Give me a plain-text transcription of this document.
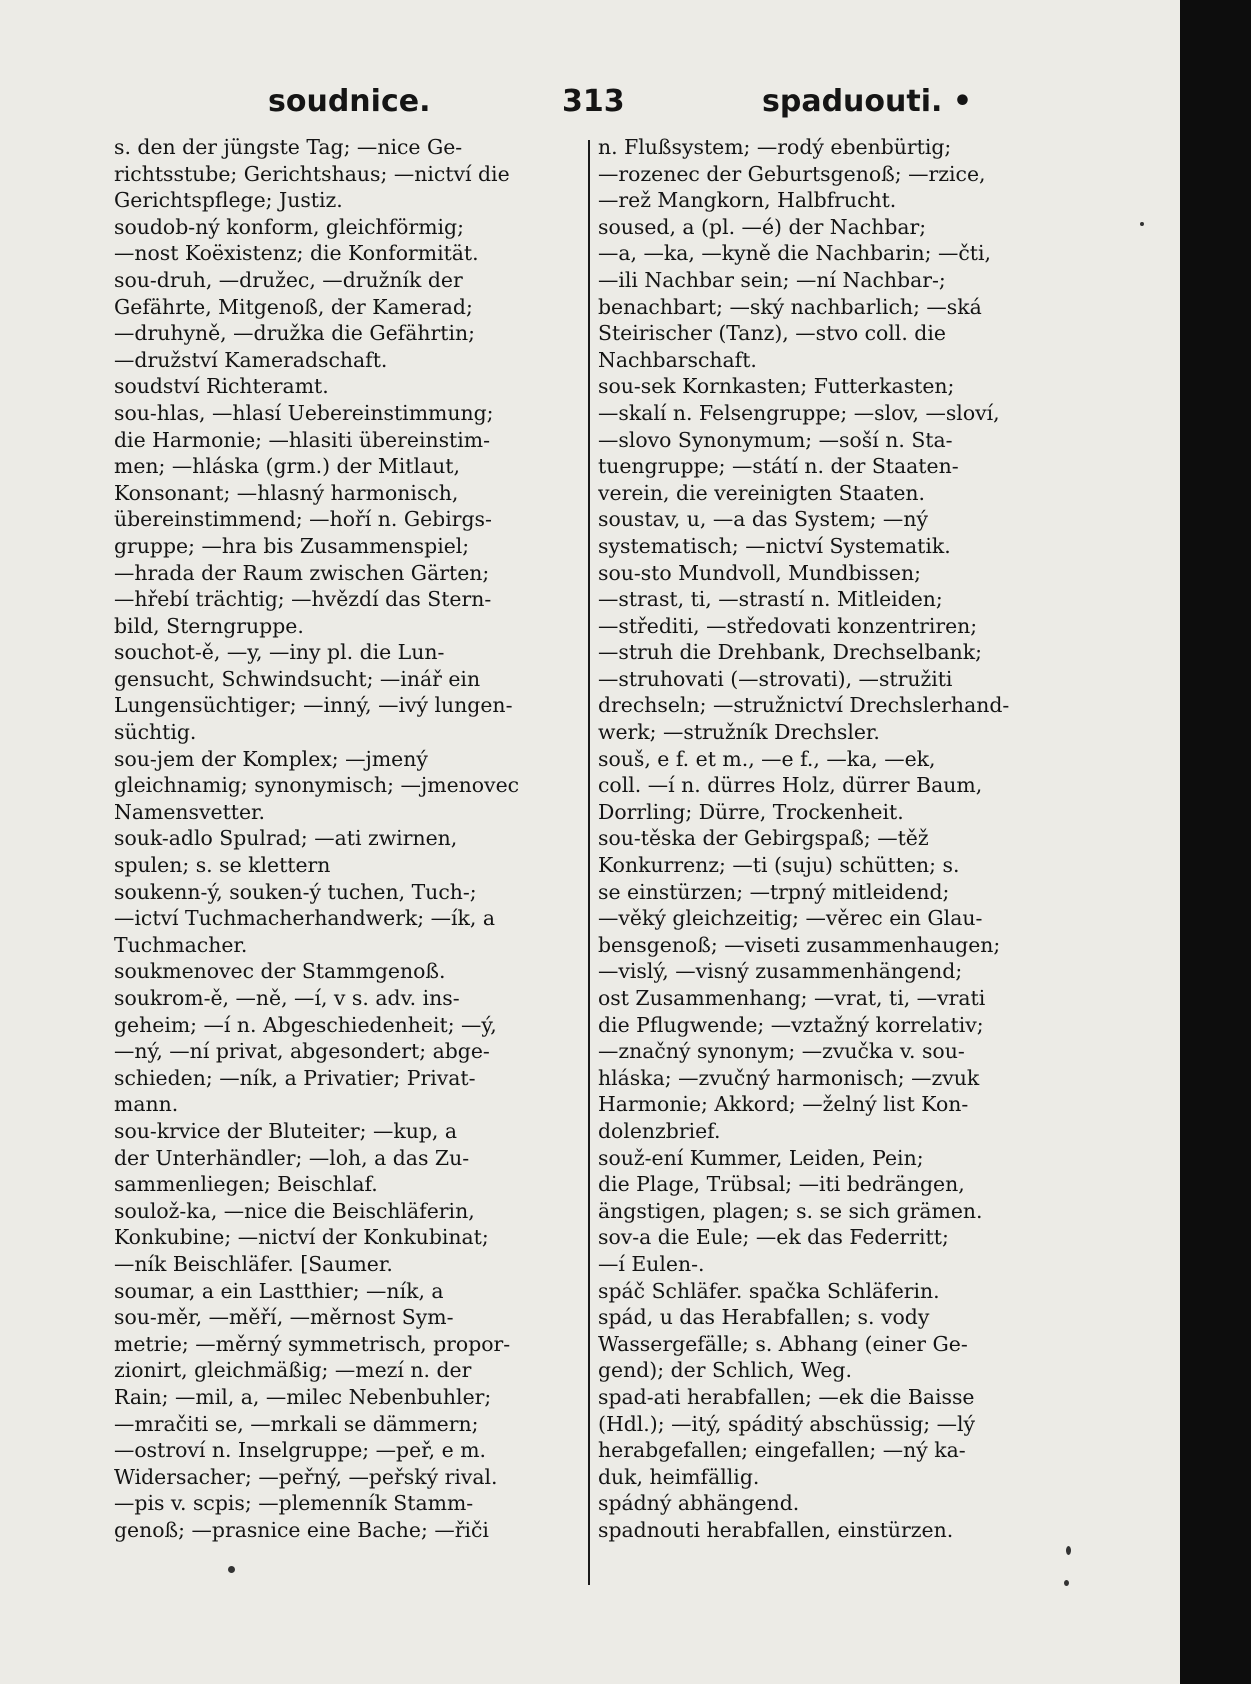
soudnice.	313	spaduouti. •
s. den der jüngste Tag; —nice Ge-
richtsstube; Gerichtshaus; —nictví die
Gerichtspflege; Justiz.
soudob-ný konform, gleichförmig;
—nost Koëxistenz; die Konformität.
sou-druh, —družec, —družník der
Gefährte, Mitgenoß, der Kamerad;
—druhyně, —družka die Gefährtin;
—družství Kameradschaft.
soudství Richteramt.
sou-hlas, —hlasí Uebereinstimmung;
die Harmonie; —hlasiti übereinstim-
men; —hláska (grm.) der Mitlaut,
Konsonant; —hlasný harmonisch,
übereinstimmend; —hoří n. Gebirgs-
gruppe; —hra bis Zusammenspiel;
—hrada der Raum zwischen Gärten;
—hřebí trächtig; —hvězdí das Stern-
bild, Sterngruppe.
souchot-ě, —y, —iny pl. die Lun-
gensucht, Schwindsucht; —inář ein
Lungensüchtiger; —inný, —ivý lungen-
süchtig.
sou-jem der Komplex; —jmený
gleichnamig; synonymisch; —jmenovec
Namensvetter.
souk-adlo Spulrad; —ati zwirnen,
spulen; s. se klettern
soukenn-ý, souken-ý tuchen, Tuch-;
—ictví Tuchmacherhandwerk; —ík, a
Tuchmacher.
soukmenovec der Stammgenoß.
soukrom-ě, —ně, —í, v s. adv. ins-
geheim; —í n. Abgeschiedenheit; —ý,
—ný, —ní privat, abgesondert; abge-
schieden; —ník, a Privatier; Privat-
mann.
sou-krvice der Bluteiter; —kup, a
der Unterhändler; —loh, a das Zu-
sammenliegen; Beischlaf.
soulož-ka, —nice die Beischläferin,
Konkubine; —nictví der Konkubinat;
—ník Beischläfer. [Saumer.
soumar, a ein Lastthier; —ník, a
sou-měr, —měří, —měrnost Sym-
metrie; —měrný symmetrisch, propor-
zionirt, gleichmäßig; —mezí n. der
Rain; —mil, a, —milec Nebenbuhler;
—mračiti se, —mrkali se dämmern;
—ostroví n. Inselgruppe; —peř, e m.
Widersacher; —peřný, —peřský rival.
—pis v. scpis; —plemenník Stamm-
genoß; —prasnice eine Bache; —řiči
n. Flußsystem; —rodý ebenbürtig;
—rozenec der Geburtsgenoß; —rzice,
—rež Mangkorn, Halbfrucht.
soused, a (pl. —é) der Nachbar;
—a, —ka, —kyně die Nachbarin; —čti,
—ili Nachbar sein; —ní Nachbar-;
benachbart; —ský nachbarlich; —ská
Steirischer (Tanz), —stvo coll. die
Nachbarschaft.
sou-sek Kornkasten; Futterkasten;
—skalí n. Felsengruppe; —slov, —sloví,
—slovo Synonymum; —soší n. Sta-
tuengruppe; —státí n. der Staaten-
verein, die vereinigten Staaten.
soustav, u, —a das System; —ný
systematisch; —nictví Systematik.
sou-sto Mundvoll, Mundbissen;
—strast, ti, —strastí n. Mitleiden;
—střediti, —středovati konzentriren;
—struh die Drehbank, Drechselbank;
—struhovati (—strovati), —stružiti
drechseln; —stružnictví Drechslerhand-
werk; —stružník Drechsler.
souš, e f. et m., —e f., —ka, —ek,
coll. —í n. dürres Holz, dürrer Baum,
Dorrling; Dürre, Trockenheit.
sou-těska der Gebirgspaß; —těž
Konkurrenz; —ti (suju) schütten; s.
se einstürzen; —trpný mitleidend;
—věký gleichzeitig; —věrec ein Glau-
bensgenoß; —viseti zusammenhaugen;
—vislý, —visný zusammenhängend;
ost Zusammenhang; —vrat, ti, —vrati
die Pflugwende; —vztažný korrelativ;
—značný synonym; —zvučka v. sou-
hláska; —zvučný harmonisch; —zvuk
Harmonie; Akkord; —želný list Kon-
dolenzbrief.
souž-ení Kummer, Leiden, Pein;
die Plage, Trübsal; —iti bedrängen,
ängstigen, plagen; s. se sich grämen.
sov-a die Eule; —ek das Federritt;
—í Eulen-.
spáč Schläfer. spačka Schläferin.
spád, u das Herabfallen; s. vody
Wassergefälle; s. Abhang (einer Ge-
gend); der Schlich, Weg.
spad-ati herabfallen; —ek die Baisse
(Hdl.); —itý, spáditý abschüssig; —lý
herabgefallen; eingefallen; —ný ka-
duk, heimfällig.
spádný abhängend.
spadnouti herabfallen, einstürzen.
